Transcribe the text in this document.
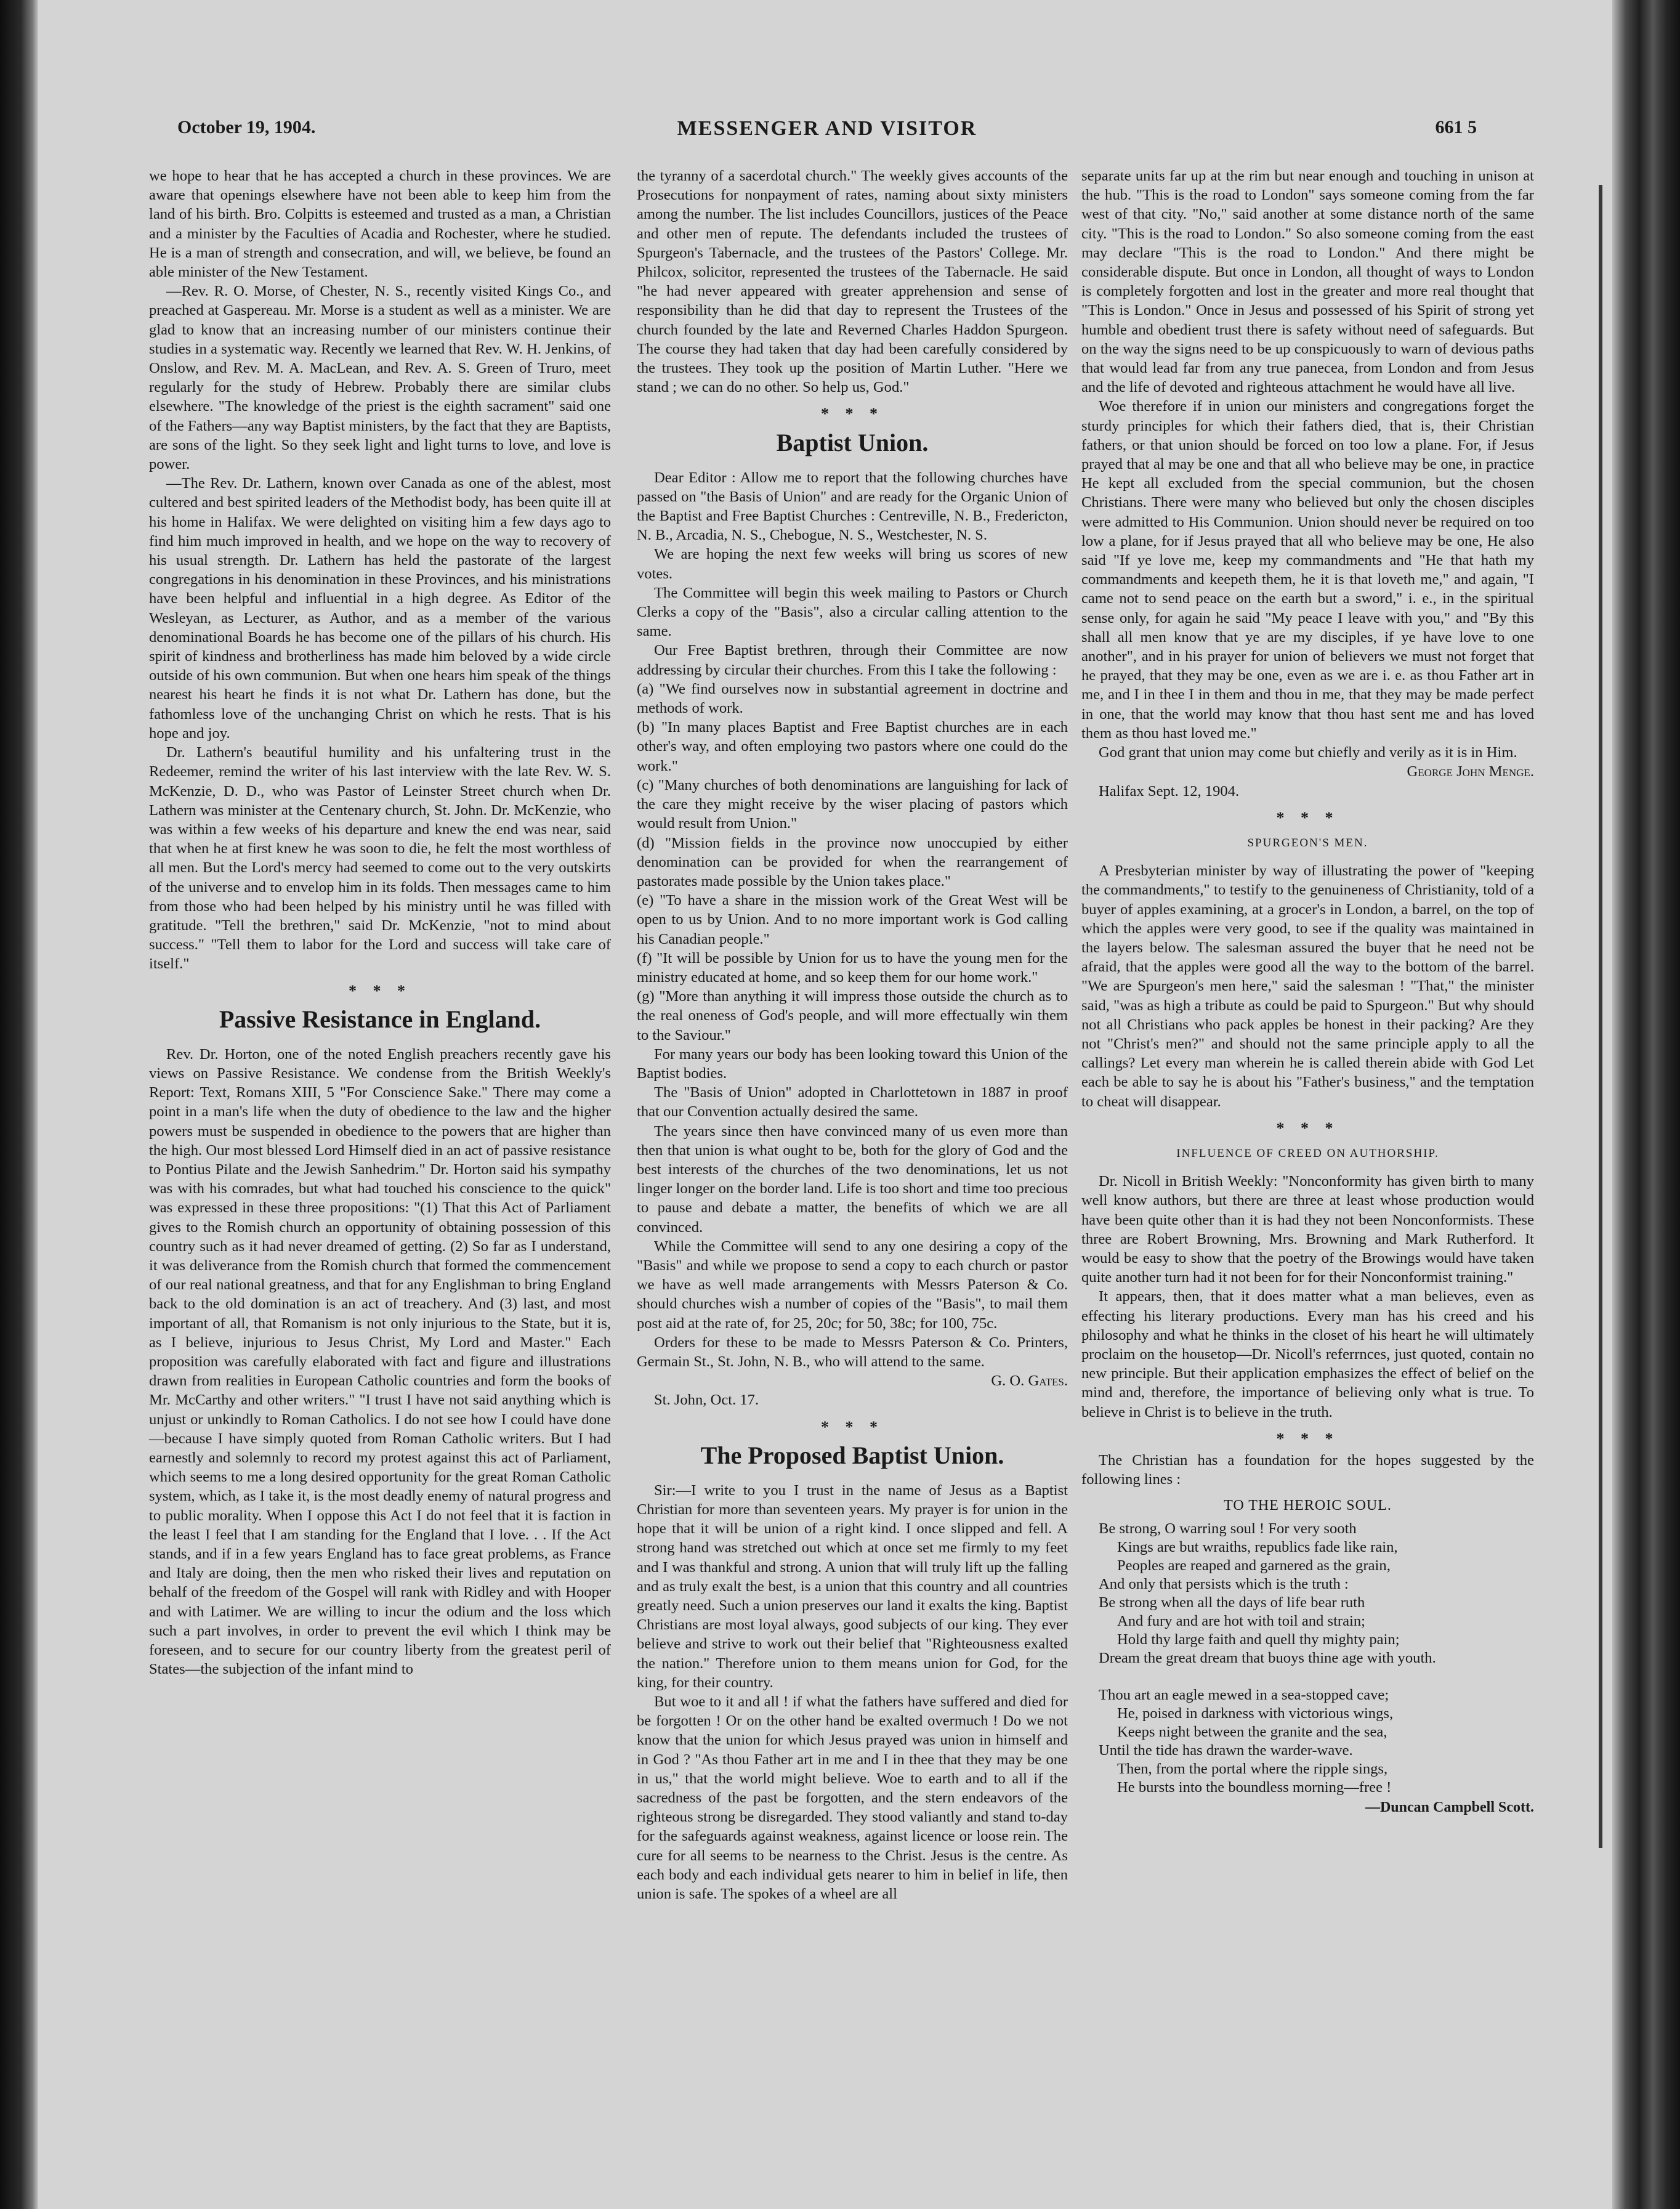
October 19, 1904.	MESSENGER AND VISITOR	661 5

we hope to hear that he has accepted a church in these provinces. We are aware that openings elsewhere have not been able to keep him from the land of his birth. Bro. Colpitts is esteemed and trusted as a man, a Christian and a minister by the Faculties of Acadia and Rochester, where he studied. He is a man of strength and consecration, and will, we believe, be found an able minister of the New Testament.

—Rev. R. O. Morse, of Chester, N. S., recently visited Kings Co., and preached at Gaspereau. Mr. Morse is a student as well as a minister. We are glad to know that an increasing number of our ministers continue their studies in a systematic way. Recently we learned that Rev. W. H. Jenkins, of Onslow, and Rev. M. A. MacLean, and Rev. A. S. Green of Truro, meet regularly for the study of Hebrew. Probably there are similar clubs elsewhere. "The knowledge of the priest is the eighth sacrament" said one of the Fathers—any way Baptist ministers, by the fact that they are Baptists, are sons of the light. So they seek light and light turns to love, and love is power.

—The Rev. Dr. Lathern, known over Canada as one of the ablest, most cultered and best spirited leaders of the Methodist body, has been quite ill at his home in Halifax. We were delighted on visiting him a few days ago to find him much improved in health, and we hope on the way to recovery of his usual strength. Dr. Lathern has held the pastorate of the largest congregations in his denomination in these Provinces, and his ministrations have been helpful and influential in a high degree. As Editor of the Wesleyan, as Lecturer, as Author, and as a member of the various denominational Boards he has become one of the pillars of his church. His spirit of kindness and brotherliness has made him beloved by a wide circle outside of his own communion. But when one hears him speak of the things nearest his heart he finds it is not what Dr. Lathern has done, but the fathomless love of the unchanging Christ on which he rests. That is his hope and joy.

Dr. Lathern's beautiful humility and his unfaltering trust in the Redeemer, remind the writer of his last interview with the late Rev. W. S. McKenzie, D. D., who was Pastor of Leinster Street church when Dr. Lathern was minister at the Centenary church, St. John. Dr. McKenzie, who was within a few weeks of his departure and knew the end was near, said that when he at first knew he was soon to die, he felt the most worthless of all men. But the Lord's mercy had seemed to come out to the very outskirts of the universe and to envelop him in its folds. Then messages came to him from those who had been helped by his ministry until he was filled with gratitude. "Tell the brethren," said Dr. McKenzie, "not to mind about success." "Tell them to labor for the Lord and success will take care of itself."

* * *
Passive Resistance in England.

Rev. Dr. Horton, one of the noted English preachers recently gave his views on Passive Resistance. We condense from the British Weekly's Report: Text, Romans XIII, 5 "For Conscience Sake." There may come a point in a man's life when the duty of obedience to the law and the higher powers must be suspended in obedience to the powers that are higher than the high. Our most blessed Lord Himself died in an act of passive resistance to Pontius Pilate and the Jewish Sanhedrim." Dr. Horton said his sympathy was with his comrades, but what had touched his conscience to the quick" was expressed in these three propositions: "(1) That this Act of Parliament gives to the Romish church an opportunity of obtaining possession of this country such as it had never dreamed of getting. (2) So far as I understand, it was deliverance from the Romish church that formed the commencement of our real national greatness, and that for any Englishman to bring England back to the old domination is an act of treachery. And (3) last, and most important of all, that Romanism is not only injurious to the State, but it is, as I believe, injurious to Jesus Christ, My Lord and Master." Each proposition was carefully elaborated with fact and figure and illustrations drawn from realities in European Catholic countries and form the books of Mr. McCarthy and other writers." "I trust I have not said anything which is unjust or unkindly to Roman Catholics. I do not see how I could have done—because I have simply quoted from Roman Catholic writers. But I had earnestly and solemnly to record my protest against this act of Parliament, which seems to me a long desired opportunity for the great Roman Catholic system, which, as I take it, is the most deadly enemy of natural progress and to public morality. When I oppose this Act I do not feel that it is faction in the least I feel that I am standing for the England that I love. . . If the Act stands, and if in a few years England has to face great problems, as France and Italy are doing, then the men who risked their lives and reputation on behalf of the freedom of the Gospel will rank with Ridley and with Hooper and with Latimer. We are willing to incur the odium and the loss which such a part involves, in order to prevent the evil which I think may be foreseen, and to secure for our country liberty from the greatest peril of States—the subjection of the infant mind to

the tyranny of a sacerdotal church." The weekly gives accounts of the Prosecutions for nonpayment of rates, naming about sixty ministers among the number. The list includes Councillors, justices of the Peace and other men of repute. The defendants included the trustees of Spurgeon's Tabernacle, and the trustees of the Pastors' College. Mr. Philcox, solicitor, represented the trustees of the Tabernacle. He said "he had never appeared with greater apprehension and sense of responsibility than he did that day to represent the Trustees of the church founded by the late and Reverned Charles Haddon Spurgeon. The course they had taken that day had been carefully considered by the trustees. They took up the position of Martin Luther. "Here we stand ; we can do no other. So help us, God."

* * *
Baptist Union.

Dear Editor : Allow me to report that the following churches have passed on "the Basis of Union" and are ready for the Organic Union of the Baptist and Free Baptist Churches : Centreville, N. B., Fredericton, N. B., Arcadia, N. S., Chebogue, N. S., Westchester, N. S.

We are hoping the next few weeks will bring us scores of new votes.

The Committee will begin this week mailing to Pastors or Church Clerks a copy of the "Basis", also a circular calling attention to the same.

Our Free Baptist brethren, through their Committee are now addressing by circular their churches. From this I take the following :

(a) "We find ourselves now in substantial agreement in doctrine and methods of work.

(b) "In many places Baptist and Free Baptist churches are in each other's way, and often employing two pastors where one could do the work."

(c) "Many churches of both denominations are languishing for lack of the care they might receive by the wiser placing of pastors which would result from Union."

(d) "Mission fields in the province now unoccupied by either denomination can be provided for when the rearrangement of pastorates made possible by the Union takes place."

(e) "To have a share in the mission work of the Great West will be open to us by Union. And to no more important work is God calling his Canadian people."

(f) "It will be possible by Union for us to have the young men for the ministry educated at home, and so keep them for our home work."

(g) "More than anything it will impress those outside the church as to the real oneness of God's people, and will more effectually win them to the Saviour."

For many years our body has been looking toward this Union of the Baptist bodies.

The "Basis of Union" adopted in Charlottetown in 1887 in proof that our Convention actually desired the same.

The years since then have convinced many of us even more than then that union is what ought to be, both for the glory of God and the best interests of the churches of the two denominations, let us not linger longer on the border land. Life is too short and time too precious to pause and debate a matter, the benefits of which we are all convinced.

While the Committee will send to any one desiring a copy of the "Basis" and while we propose to send a copy to each church or pastor we have as well made arrangements with Messrs Paterson & Co. should churches wish a number of copies of the "Basis", to mail them post aid at the rate of, for 25, 20c; for 50, 38c; for 100, 75c.

Orders for these to be made to Messrs Paterson & Co. Printers, Germain St., St. John, N. B., who will attend to the same.

G. O. Gates.

St. John, Oct. 17.

* * *
The Proposed Baptist Union.

Sir:—I write to you I trust in the name of Jesus as a Baptist Christian for more than seventeen years. My prayer is for union in the hope that it will be union of a right kind. I once slipped and fell. A strong hand was stretched out which at once set me firmly to my feet and I was thankful and strong. A union that will truly lift up the falling and as truly exalt the best, is a union that this country and all countries greatly need. Such a union preserves our land it exalts the king. Baptist Christians are most loyal always, good subjects of our king. They ever believe and strive to work out their belief that "Righteousness exalted the nation." Therefore union to them means union for God, for the king, for their country.

But woe to it and all ! if what the fathers have suffered and died for be forgotten ! Or on the other hand be exalted overmuch ! Do we not know that the union for which Jesus prayed was union in himself and in God ? "As thou Father art in me and I in thee that they may be one in us," that the world might believe. Woe to earth and to all if the sacredness of the past be forgotten, and the stern endeavors of the righteous strong be disregarded. They stood valiantly and stand to-day for the safeguards against weakness, against licence or loose rein. The cure for all seems to be nearness to the Christ. Jesus is the centre. As each body and each individual gets nearer to him in belief in life, then union is safe. The spokes of a wheel are all

separate units far up at the rim but near enough and touching in unison at the hub. "This is the road to London" says someone coming from the far west of that city. "No," said another at some distance north of the same city. "This is the road to London." So also someone coming from the east may declare "This is the road to London." And there might be considerable dispute. But once in London, all thought of ways to London is completely forgotten and lost in the greater and more real thought that "This is London." Once in Jesus and possessed of his Spirit of strong yet humble and obedient trust there is safety without need of safeguards. But on the way the signs need to be up conspicuously to warn of devious paths that would lead far from any true panecea, from London and from Jesus and the life of devoted and righteous attachment he would have all live.

Woe therefore if in union our ministers and congregations forget the sturdy principles for which their fathers died, that is, their Christian fathers, or that union should be forced on too low a plane. For, if Jesus prayed that al may be one and that all who believe may be one, in practice He kept all excluded from the special communion, but the chosen Christians. There were many who believed but only the chosen disciples were admitted to His Communion. Union should never be required on too low a plane, for if Jesus prayed that all who believe may be one, He also said "If ye love me, keep my commandments and "He that hath my commandments and keepeth them, he it is that loveth me," and again, "I came not to send peace on the earth but a sword," i. e., in the spiritual sense only, for again he said "My peace I leave with you," and "By this shall all men know that ye are my disciples, if ye have love to one another", and in his prayer for union of believers we must not forget that he prayed, that they may be one, even as we are i. e. as thou Father art in me, and I in thee I in them and thou in me, that they may be made perfect in one, that the world may know that thou hast sent me and has loved them as thou hast loved me."

God grant that union may come but chiefly and verily as it is in Him.

George John Menge.

Halifax Sept. 12, 1904.

* * *
SPURGEON'S MEN.

A Presbyterian minister by way of illustrating the power of "keeping the commandments," to testify to the genuineness of Christianity, told of a buyer of apples examining, at a grocer's in London, a barrel, on the top of which the apples were very good, to see if the quality was maintained in the layers below. The salesman assured the buyer that he need not be afraid, that the apples were good all the way to the bottom of the barrel. "We are Spurgeon's men here," said the salesman ! "That," the minister said, "was as high a tribute as could be paid to Spurgeon." But why should not all Christians who pack apples be honest in their packing? Are they not "Christ's men?" and should not the same principle apply to all the callings? Let every man wherein he is called therein abide with God Let each be able to say he is about his "Father's business," and the temptation to cheat will disappear.

* * *
INFLUENCE OF CREED ON AUTHORSHIP.

Dr. Nicoll in British Weekly: "Nonconformity has given birth to many well know authors, but there are three at least whose production would have been quite other than it is had they not been Nonconformists. These three are Robert Browning, Mrs. Browning and Mark Rutherford. It would be easy to show that the poetry of the Browings would have taken quite another turn had it not been for for their Nonconformist training."

It appears, then, that it does matter what a man believes, even as effecting his literary productions. Every man has his creed and his philosophy and what he thinks in the closet of his heart he will ultimately proclaim on the housetop—Dr. Nicoll's referrnces, just quoted, contain no new principle. But their application emphasizes the effect of belief on the mind and, therefore, the importance of believing only what is true. To believe in Christ is to believe in the truth.

* * *

The Christian has a foundation for the hopes suggested by the following lines :

TO THE HEROIC SOUL.
Be strong, O warring soul ! For very sooth
Kings are but wraiths, republics fade like rain,
Peoples are reaped and garnered as the grain,
And only that persists which is the truth :
Be strong when all the days of life bear ruth
And fury and are hot with toil and strain;
Hold thy large faith and quell thy mighty pain;
Dream the great dream that buoys thine age with youth.

Thou art an eagle mewed in a sea-stopped cave;
He, poised in darkness with victorious wings,
Keeps night between the granite and the sea,
Until the tide has drawn the warder-wave.
Then, from the portal where the ripple sings,
He bursts into the boundless morning—free !
—Duncan Campbell Scott.
